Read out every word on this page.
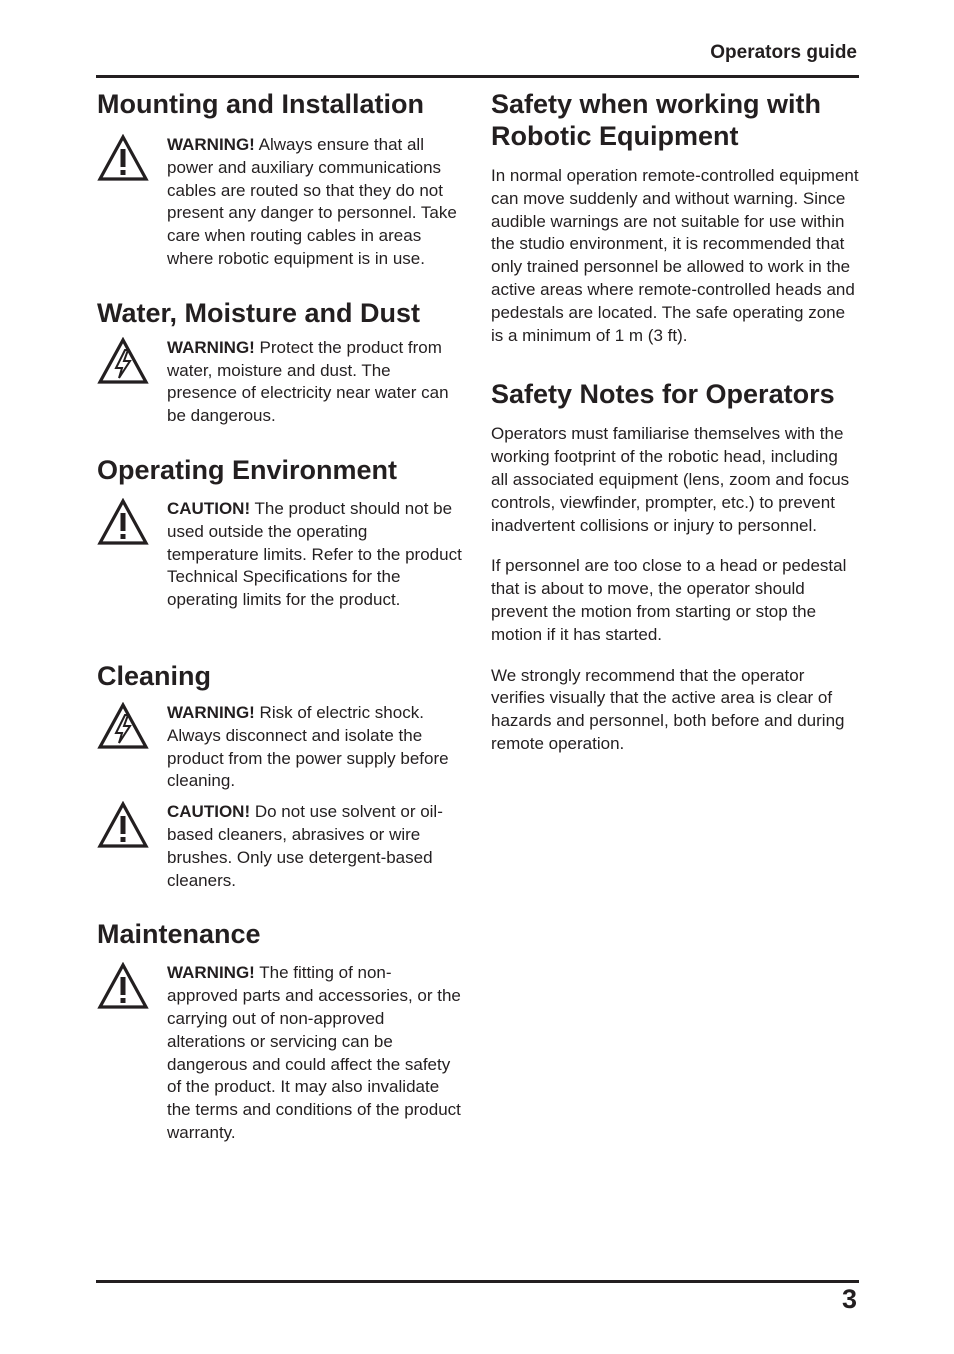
Operators guide
Mounting and Installation
WARNING! Always ensure that all power and auxiliary communications cables are routed so that they do not present any danger to personnel. Take care when routing cables in areas where robotic equipment is in use.
Water, Moisture and Dust
WARNING! Protect the product from water, moisture and dust. The presence of electricity near water can be dangerous.
Operating Environment
CAUTION! The product should not be used outside the operating temperature limits. Refer to the product Technical Specifications for the operating limits for the product.
Cleaning
WARNING! Risk of electric shock. Always disconnect and isolate the product from the power supply before cleaning.
CAUTION! Do not use solvent or oil-based cleaners, abrasives or wire brushes. Only use detergent-based cleaners.
Maintenance
WARNING! The fitting of non-approved parts and accessories, or the carrying out of non-approved alterations or servicing can be dangerous and could affect the safety of the product. It may also invalidate the terms and conditions of the product warranty.
Safety when working with Robotic Equipment

In normal operation remote-controlled equipment can move suddenly and without warning. Since audible warnings are not suitable for use within the studio environment, it is recommended that only trained personnel be allowed to work in the active areas where remote-controlled heads and pedestals are located. The safe operating zone is a minimum of 1 m (3 ft).

Safety Notes for Operators

Operators must familiarise themselves with the working footprint of the robotic head, including all associated equipment (lens, zoom and focus controls, viewfinder, prompter, etc.) to prevent inadvertent collisions or injury to personnel.

If personnel are too close to a head or pedestal that is about to move, the operator should prevent the motion from starting or stop the motion if it has started.

We strongly recommend that the operator verifies visually that the active area is clear of hazards and personnel, both before and during remote operation.

3
